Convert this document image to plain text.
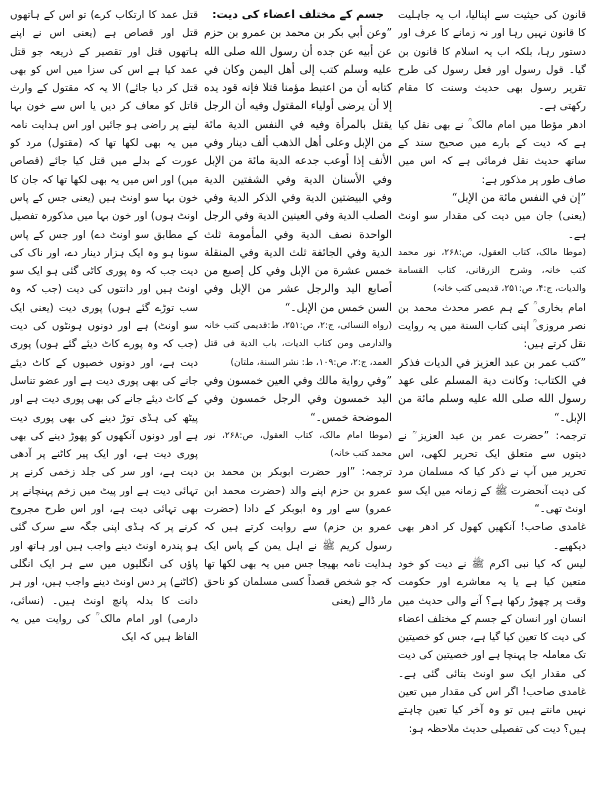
قانون کی حیثیت سے اپنالیا، اب یہ جاہلیت کا قانون نہیں رہا اور نہ زمانے کا عرف اور دستور رہا، بلکہ اب یہ اسلام کا قانون بن گیا۔ قول رسول اور فعل رسول کی طرح تقریر رسول بھی حدیث وسنت کا مقام رکھتی ہے۔

ادھر مؤطا میں امام مالک ؒ نے بھی نقل کیا ہے کہ دیت کے بارے میں صحیح سند کے ساتھ حدیث نقل فرمائی ہے کہ اس میں صاف طور پر مذکور ہے:

”إن في النفس مائة من الإبل“

(یعنی) جان میں دیت کی مقدار سو اونٹ ہے۔

(موطا مالک، کتاب العقول، ص:۲۶۸، نور محمد کتب خانہ، وشرح الزرقانی، کتاب القسامة والدیات، ج:۴، ص:۲۵۱، قدیمی کتب خانہ)

امام بخاری ؒ کے ہم عصر محدث محمد بن نصر مروزی ؒ اپنی کتاب السنة میں یہ روایت نقل کرتے ہیں:

”کتب عمر بن عبد العزیز في الديات فذكر في الكتاب: وكانت دية المسلم على عهد رسول الله صلى الله عليه وسلم مائة من الإبل۔“

ترجمہ: ”حضرت عمر بن عبد العزیز ؒ نے دیتوں سے متعلق ایک تحریر لکھی، اس تحریر میں آپ نے ذکر کیا کہ مسلمان مرد کی دیت آنحضرت ﷺ کے زمانہ میں ایک سو اونٹ تھی۔“

غامدی صاحب! آنکھیں کھول کر ادھر بھی دیکھیے۔

لیس کہ کیا نبی اکرم ﷺ نے دیت کو خود متعین کیا ہے یا یہ معاشرے اور حکومت وقت پر چھوڑ رکھا ہے؟ آنے والی حدیث میں انسان اور انسان کے جسم کے مختلف اعضاء کی دیت کا تعین کیا گیا ہے، جس کو خصیتین تک معاملہ جا پہنچا ہے اور خصیتین کی دیت کی مقدار ایک سو اونٹ بتائی گئی ہے۔ غامدی صاحب! اگر اس کی مقدار میں تعین نہیں مانتے ہیں تو وہ آخر کیا تعین چاہتے ہیں؟ دیت کی تفصیلی حدیث ملاحظہ ہو:

جسم کے مختلف اعضاء کی دیت:

”وعن أبي بكر بن محمد بن عمرو بن حزم عن أبيه عن جده أن رسول الله صلى الله عليه وسلم كتب إلى أهل اليمن وكان في كتابه أن من اعتبط مؤمنا قتلا فإنه قود يده إلا أن يرضى أولياء المقتول وفيه أن الرجل يقتل بالمرأة وفيه في النفس الدية مائة من الإبل وعلى أهل الذهب ألف دينار وفي الأنف إذا أوعب جدعه الدية مائة من الإبل وفي الأسنان الدية وفي الشفتين الدية وفي البيضتين الدية وفي الذكر الدية وفي الصلب الدية وفي العينين الدية وفي الرجل الواحدة نصف الدية وفي المأمومة ثلث الدية وفي الجائفة ثلث الدية وفي المنقلة خمس عشرة من الإبل وفي كل إصبع من أصابع اليد والرجل عشر من الإبل وفي السن خمس من الإبل۔“

(رواه النسائی، ج:۲، ص:۲۵۱، ط:قدیمی کتب خانہ والدارمی ومن کتاب الدیات، باب الدیة فی قتل العمد، ج:۲، ص:۱۰۹، ط: نشر السنة، ملتان)

”وفي رواية مالك وفي العين خمسون وفي اليد خمسون وفي الرجل خمسون وفي الموضحة خمس۔“

(موطا امام مالک، کتاب العقول، ص:۲۶۸، نور محمد کتب خانہ)

ترجمہ: ”اور حضرت ابوبکر بن محمد بن عمرو بن حزم اپنے والد (حضرت محمد ابن عمرو) سے اور وہ ابوبکر کے دادا (حضرت عمرو بن حزم) سے روایت کرتے ہیں کہ رسول کریم ﷺ نے اہل یمن کے پاس ایک ہدایت نامہ بھیجا جس میں یہ بھی لکھا تھا کہ جو شخص قصداً کسی مسلمان کو ناحق مار ڈالے (یعنی

قتل عمد کا ارتکاب کرے) تو اس کے ہاتھوں قتل اور قصاص ہے (یعنی اس نے اپنے ہاتھوں قتل اور تقصیر کے ذریعہ جو قتل عمد کیا ہے اس کی سزا میں اس کو بھی قتل کر دیا جائے) الا یہ کہ مقتول کے وارث قاتل کو معاف کر دیں یا اس سے خون بہا لینے پر راضی ہو جائیں اور اس ہدایت نامہ میں یہ بھی لکھا تھا کہ (مقتول) مرد کو عورت کے بدلے میں قتل کیا جائے (قصاص میں) اور اس میں یہ بھی لکھا تھا کہ جان کا خون بہا سو اونٹ ہیں (یعنی جس کے پاس اونٹ ہوں) اور خون بہا میں مذکورہ تفصیل کے مطابق سو اونٹ دے) اور جس کے پاس سونا ہو وہ ایک ہزار دینار دے، اور ناک کی دیت جب کہ وہ پوری کاٹی گئی ہو ایک سو اونٹ ہیں اور دانتوں کی دیت (جب کہ وہ سب توڑے گئے ہوں) پوری دیت (یعنی ایک سو اونٹ) ہے اور دونوں ہونٹوں کی دیت (جب کہ وہ پورے کاٹ دیئے گئے ہوں) پوری دیت ہے، اور دونوں خصیوں کے کاٹ دیئے جانے کی بھی پوری دیت ہے اور عضو تناسل کے کاٹ دیئے جانے کی بھی پوری دیت ہے اور پیٹھ کی ہڈی توڑ دینے کی بھی پوری دیت ہے اور دونوں آنکھوں کو پھوڑ دینے کی بھی پوری دیت ہے، اور ایک پیر کاٹنے پر آدھی دیت ہے، اور سر کی جلد زخمی کرنے پر تہائی دیت ہے اور پیٹ میں زخم پہنچانے پر بھی تہائی دیت ہے، اور اس طرح مجروح کرنے پر کہ ہڈی اپنی جگہ سے سرک گئی ہو پندرہ اونٹ دینے واجب ہیں اور ہاتھ اور پاؤں کی انگلیوں میں سے ہر ایک انگلی (کاٹنے) پر دس اونٹ دینے واجب ہیں، اور ہر دانت کا بدلہ پانچ اونٹ ہیں۔ (نسائی، دارمی) اور امام مالک ؒ کی روایت میں یہ الفاظ ہیں کہ ایک
